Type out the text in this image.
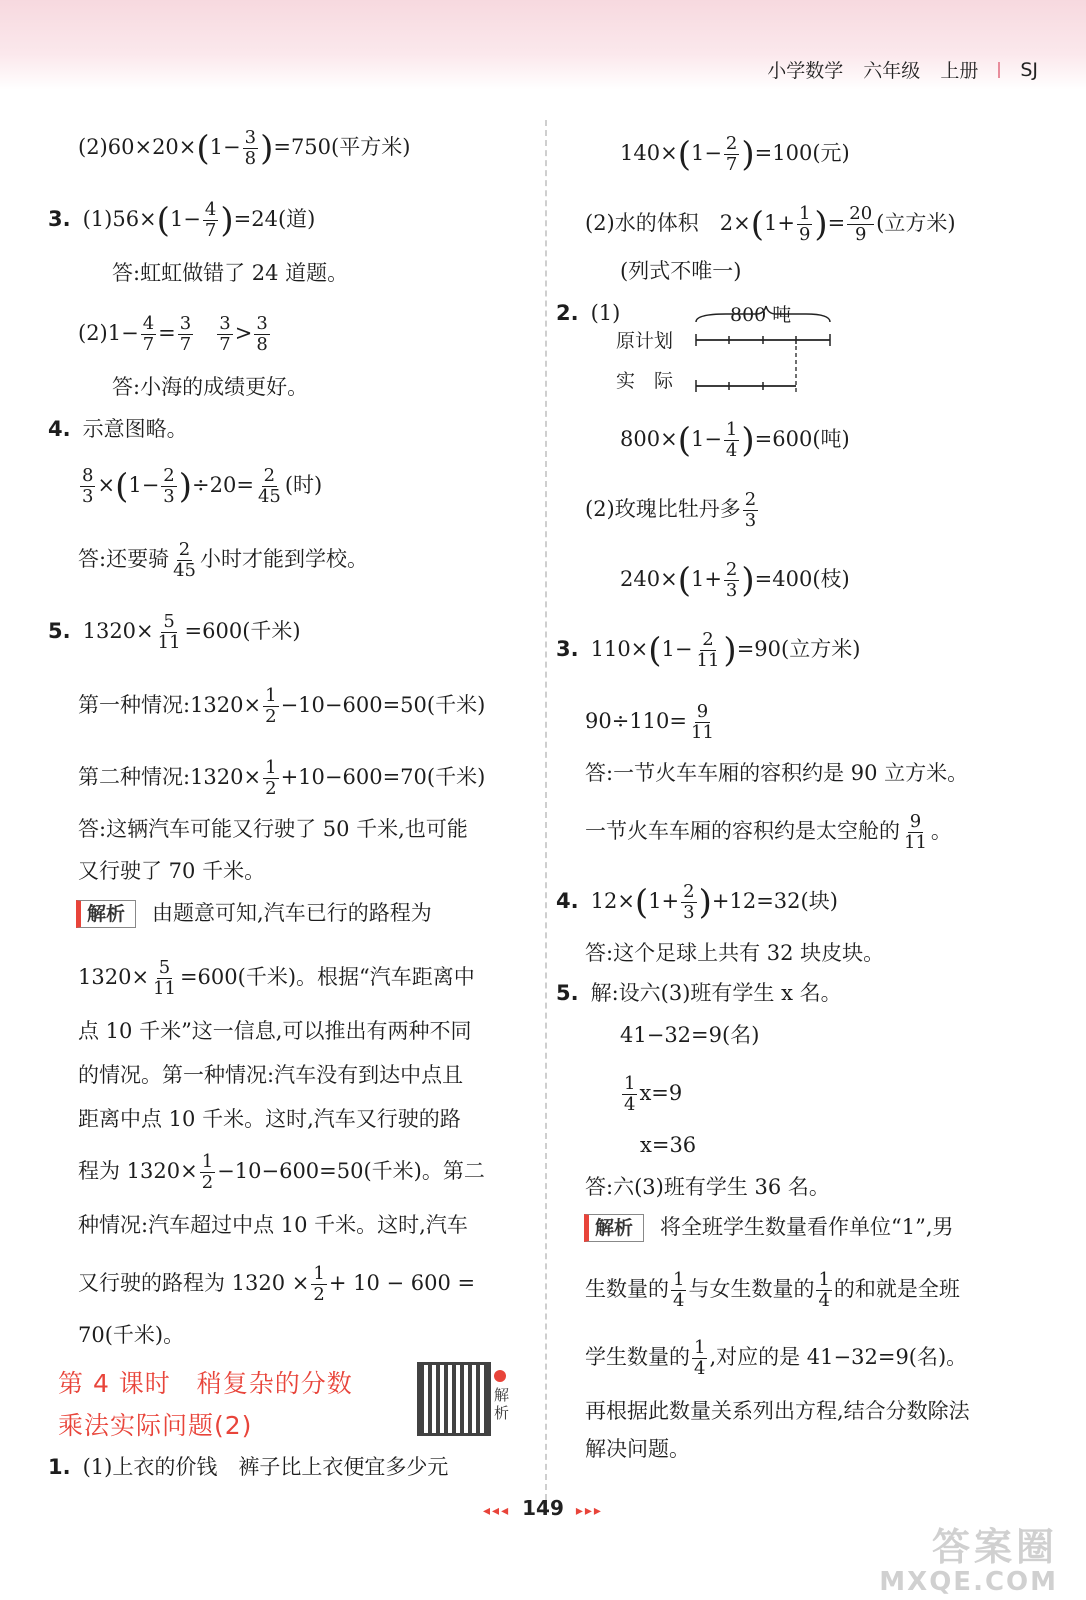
小学数学 六年级 上册 SJ
$(2)60\times 20\times(1- \frac{3}{8} )=750$(平方米)
3. $(1)56\times(1- \frac{4}{7} )=24$(道)
答:虹虹做错了 24 道题。
$(2)1- \frac{4}{7} = \frac{3}{7}$
$\frac{3}{7} > \frac{3}{8}$
答:小海的成绩更好。
4. 示意图略。
$\frac{8}{3} \times(1- \frac{2}{3} )\div 20= \frac{2}{45}$ (时)
答:还要骑 $\frac{2}{45}$ 小时才能到学校。
5. $1320\times \frac{5}{11} =600$(千米)
第一种情况:1320× $\frac{1}{2} -10-600=50$(千米)
第二种情况:1320× $\frac{1}{2} +10-600=70$(千米)
答:这辆汽车可能又行驶了 50 千米,也可能
又行驶了 70 千米。
解析 由题意可知,汽车已行的路程为
$1320\times \frac{5}{11} =600$(千米)。根据“汽车距离中
点 10 千米”这一信息,可以推出有两种不同
的情况。第一种情况:汽车没有到达中点且
距离中点 10 千米。这时,汽车又行驶的路
程为 $1320\times \frac{1}{2} -10-600=50$(千米)。第二
种情况:汽车超过中点 10 千米。这时,汽车
又行驶的路程为 $1320 \times \frac{1}{2} + 10 - 600$ =
70(千米)。
第 4 课时　稍复杂的分数
乘法实际问题(2)
解析
1. (1)上衣的价钱　裤子比上衣便宜多少元
$140\times(1- \frac{2}{7} )=100$(元)
(2)水的体积　$2\times(1+ \frac{1}{9}$ )= $\frac{20}{9}$ (立方米)
(列式不唯一)
2. (1)	800 吨
原计划
实　际
$800\times(1- \frac{1}{4} )=600$(吨)
(2)玫瑰比牡丹多 $\frac{2}{3}$
$240\times(1+ \frac{2}{3} )=400$(枝)
3. $110\times(1- \frac{2}{11} )=90$(立方米)
$90\div 110= \frac{9}{11}$
答:一节火车车厢的容积约是 90 立方米。
一节火车车厢的容积约是太空舱的 $\frac{9}{11}$ 。
4. $12\times(1+ \frac{2}{3} )+12=32$(块)
答:这个足球上共有 32 块皮块。
5. 解:设六(3)班有学生 x 名。
41−32=9(名)
$\frac{1}{4} x=9$
x=36
答:六(3)班有学生 36 名。
解析 将全班学生数量看作单位“1”,男
生数量的 $\frac{1}{4}$ 与女生数量的 $\frac{1}{4}$ 的和就是全班
学生数量的 $\frac{1}{4}$ ,对应的是 41−32=9(名)。
再根据此数量关系列出方程,结合分数除法
解决问题。
◂◂◂ 149 ▸▸▸
答案圈
MXQE.COM
